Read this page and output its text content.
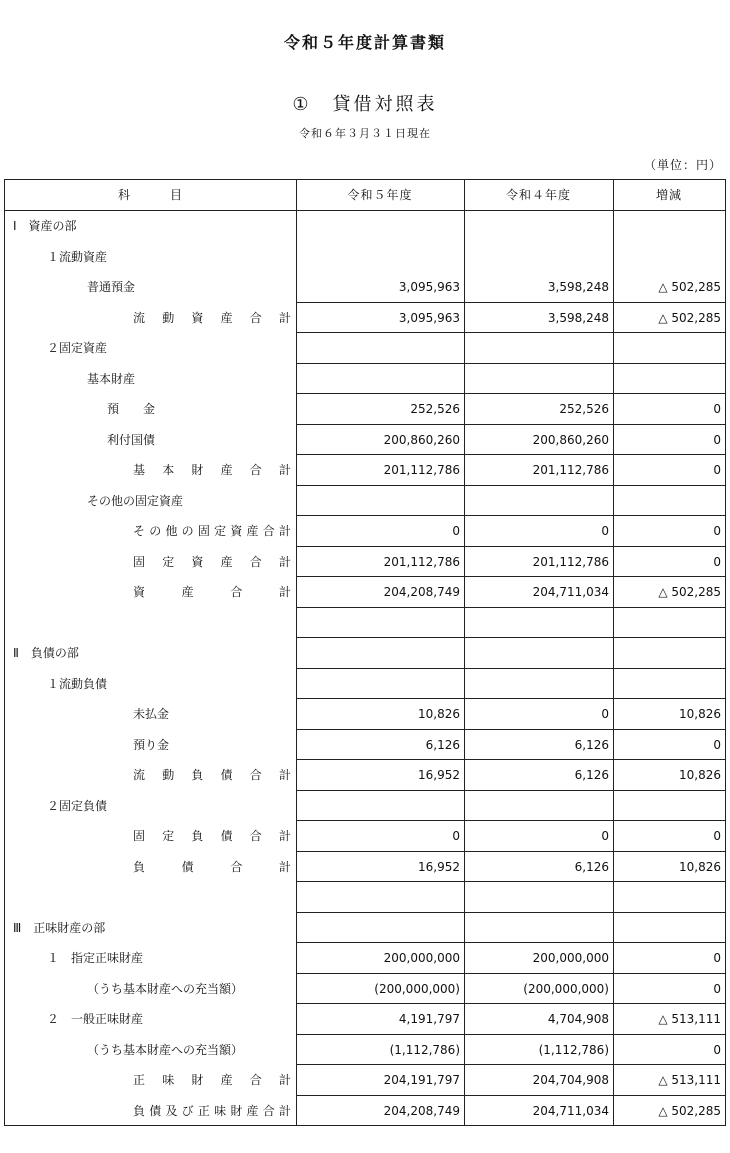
令和５年度計算書類
①　貸借対照表
令和６年３月３１日現在
（単位：円）
科　　　目	令和５年度	令和４年度	増減
Ⅰ　資産の部
１流動資産
普通預金	3,095,963	3,598,248	△ 502,285
流動資産合計	3,095,963	3,598,248	△ 502,285
２固定資産
基本財産
預　　金	252,526	252,526	0
利付国債	200,860,260	200,860,260	0
基本財産合計	201,112,786	201,112,786	0
その他の固定資産
その他の固定資産合計	0	0	0
固定資産合計	201,112,786	201,112,786	0
資産合計	204,208,749	204,711,034	△ 502,285
Ⅱ　負債の部
１流動負債
未払金	10,826	0	10,826
預り金	6,126	6,126	0
流動負債合計	16,952	6,126	10,826
２固定負債
固定負債合計	0	0	0
負債合計	16,952	6,126	10,826
Ⅲ　正味財産の部
１　指定正味財産	200,000,000	200,000,000	0
（うち基本財産への充当額）	(200,000,000)	(200,000,000)	0
２　一般正味財産	4,191,797	4,704,908	△ 513,111
（うち基本財産への充当額）	(1,112,786)	(1,112,786)	0
正味財産合計	204,191,797	204,704,908	△ 513,111
負債及び正味財産合計	204,208,749	204,711,034	△ 502,285
